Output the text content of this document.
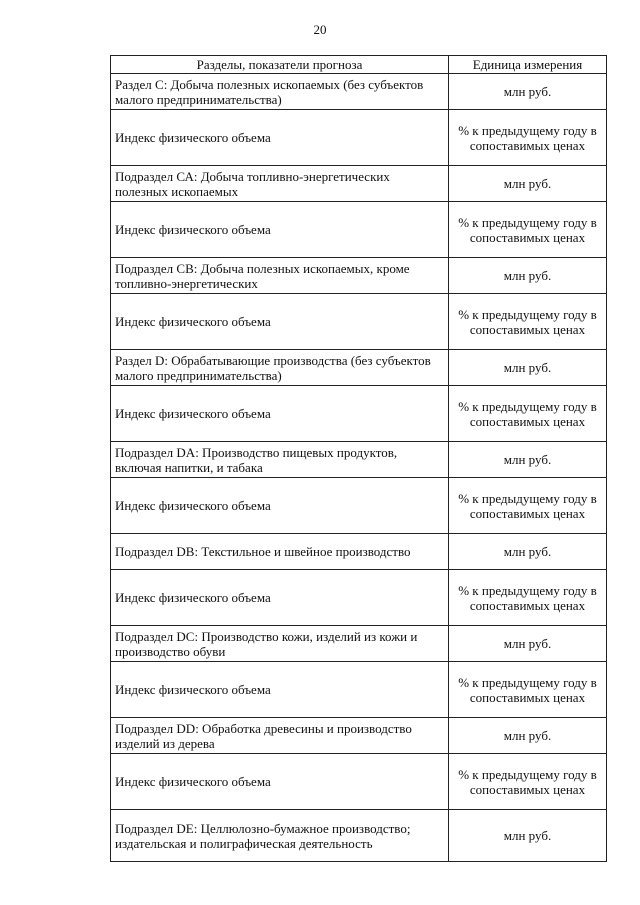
20
Разделы, показатели прогноза	Единица измерения
Раздел С: Добыча полезных ископаемых (без субъектов малого предпринимательства)	млн руб.
Индекс физического объема	% к предыдущему году в сопоставимых ценах
Подраздел СА: Добыча топливно-энергетических полезных ископаемых	млн руб.
Индекс физического объема	% к предыдущему году в сопоставимых ценах
Подраздел СВ: Добыча полезных ископаемых, кроме топливно-энергетических	млн руб.
Индекс физического объема	% к предыдущему году в сопоставимых ценах
Раздел D: Обрабатывающие производства (без субъектов малого предпринимательства)	млн руб.
Индекс физического объема	% к предыдущему году в сопоставимых ценах
Подраздел DA: Производство пищевых продуктов, включая напитки, и табака	млн руб.
Индекс физического объема	% к предыдущему году в сопоставимых ценах
Подраздел DB: Текстильное и швейное производство	млн руб.
Индекс физического объема	% к предыдущему году в сопоставимых ценах
Подраздел DC: Производство кожи, изделий из кожи и производство обуви	млн руб.
Индекс физического объема	% к предыдущему году в сопоставимых ценах
Подраздел DD: Обработка древесины и производство изделий из дерева	млн руб.
Индекс физического объема	% к предыдущему году в сопоставимых ценах
Подраздел DE: Целлюлозно-бумажное производство; издательская и полиграфическая деятельность	млн руб.
